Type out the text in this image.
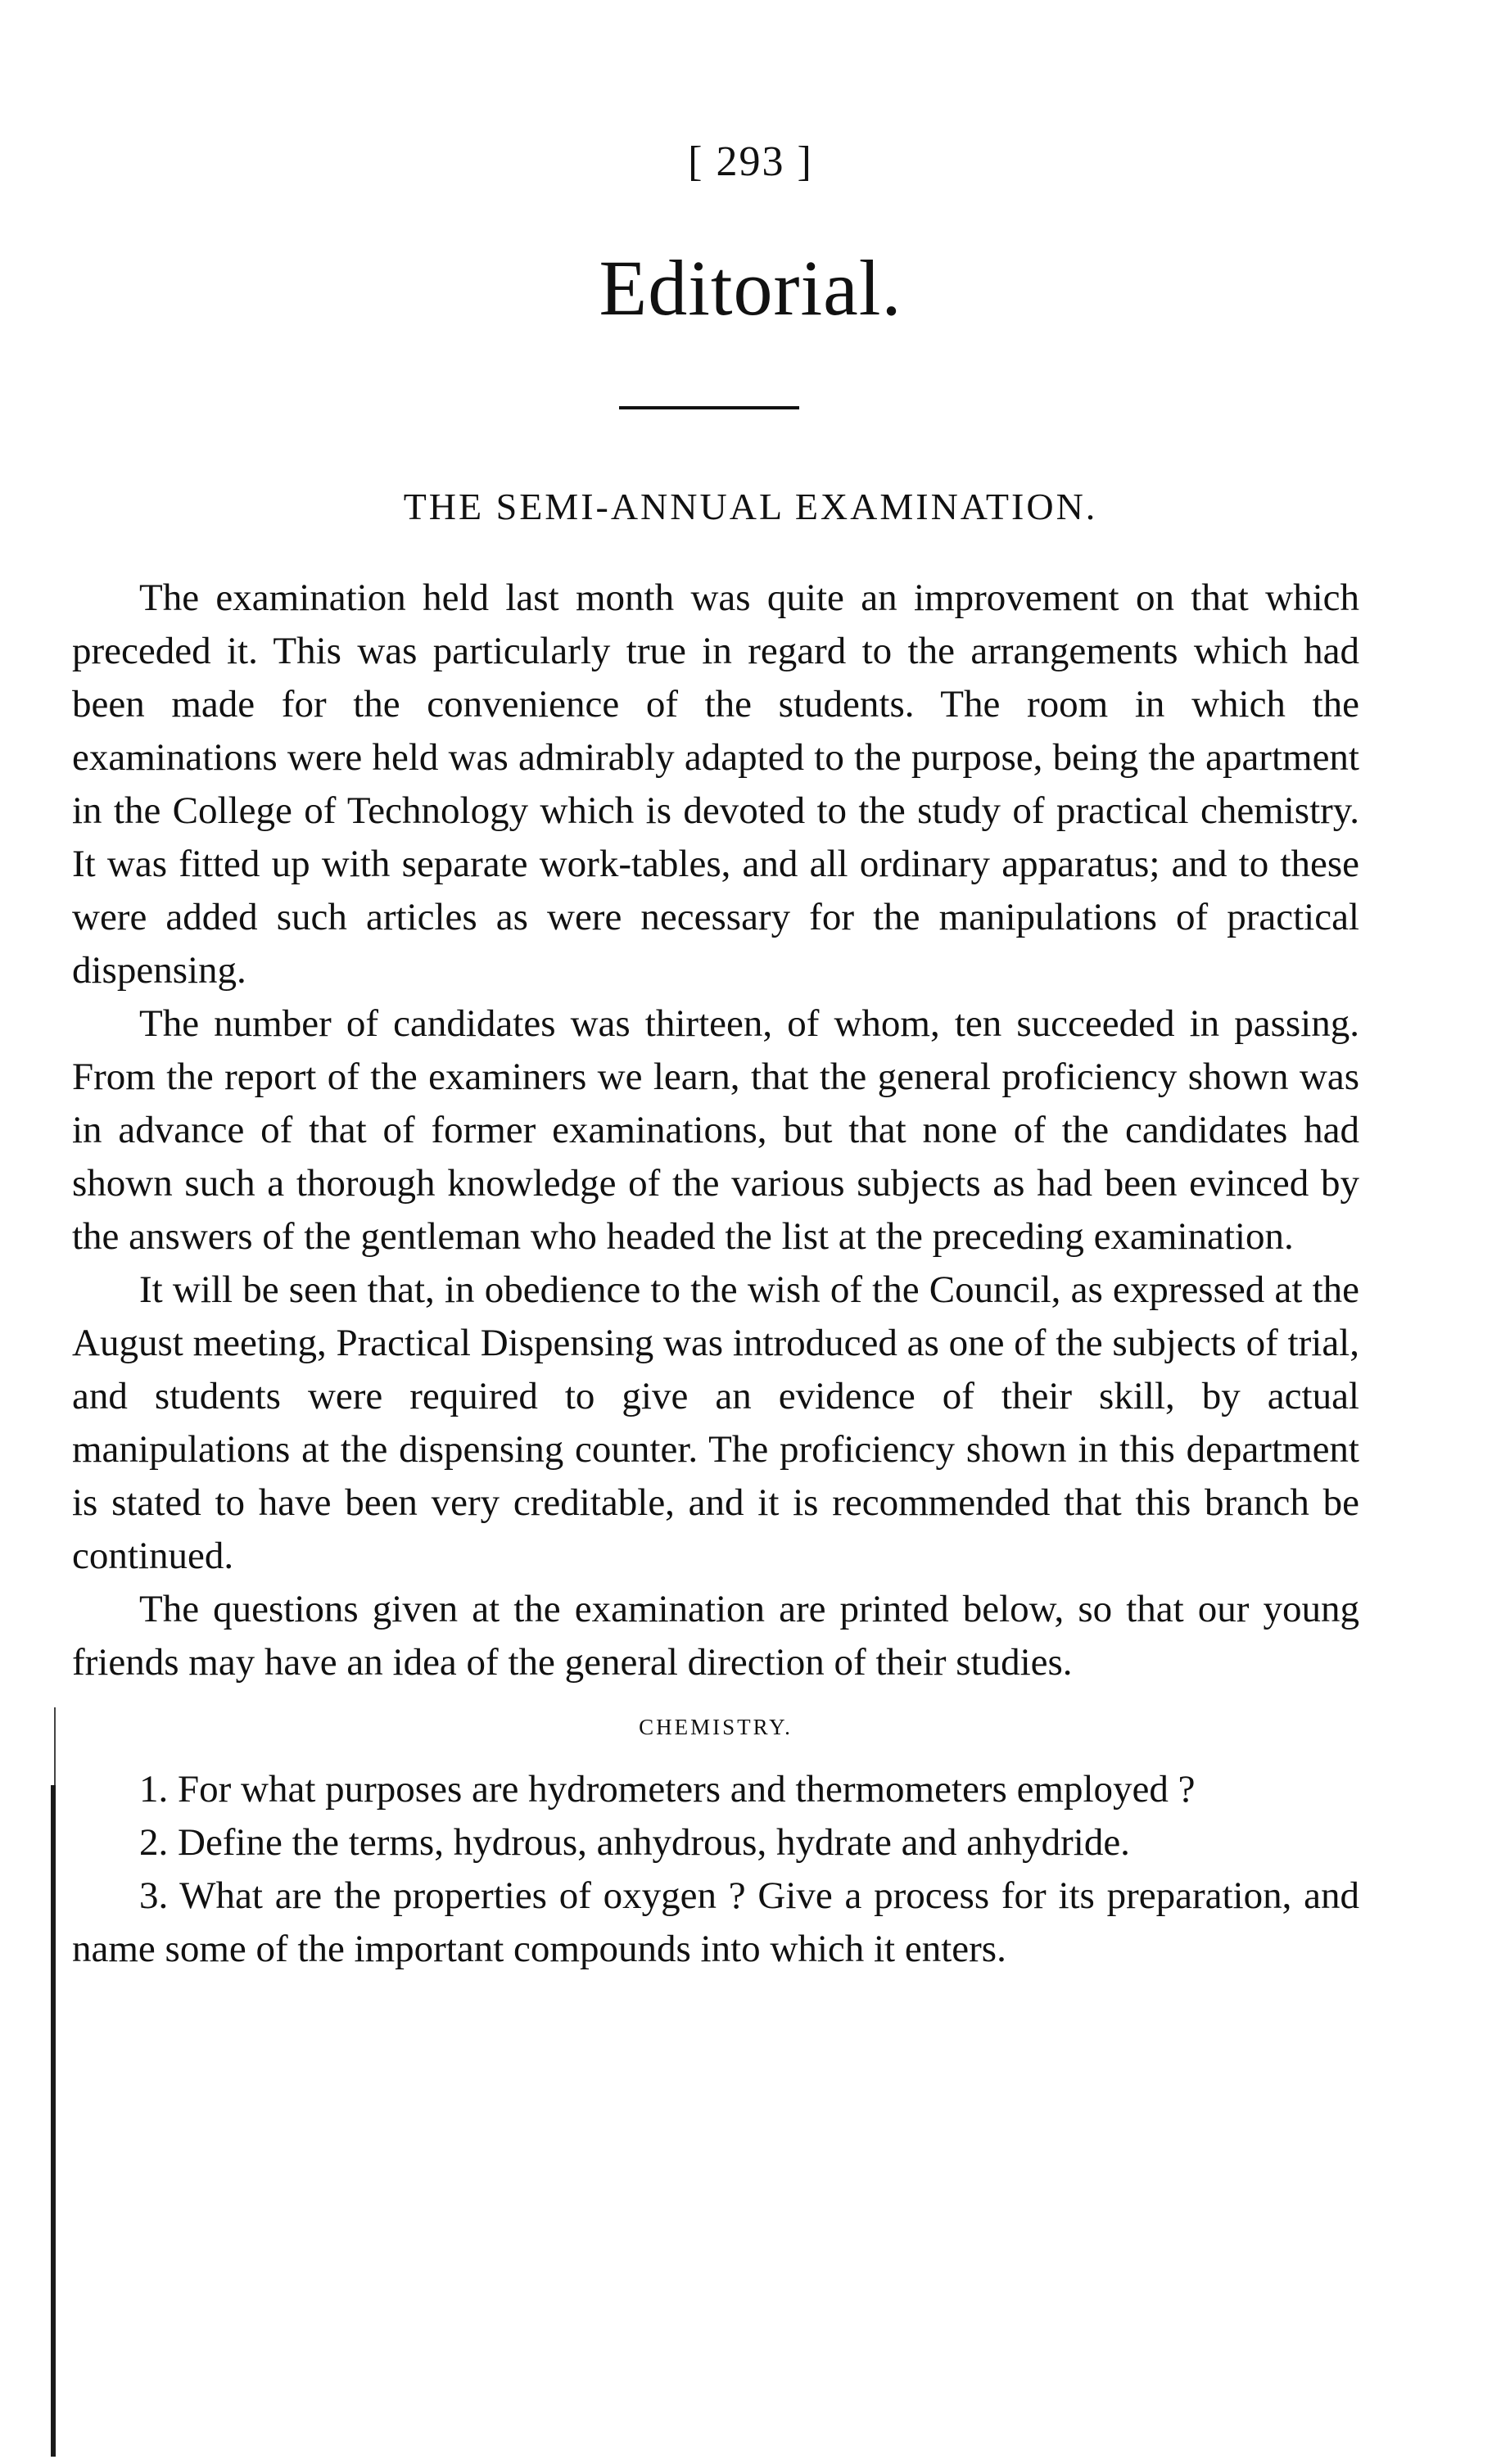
[ 293 ]
Editorial.
THE SEMI-ANNUAL EXAMINATION.

The examination held last month was quite an improvement on that which preceded it. This was particularly true in regard to the arrangements which had been made for the convenience of the students. The room in which the examinations were held was admirably adapted to the purpose, being the apartment in the College of Technology which is devoted to the study of practical chemistry. It was fitted up with separate work-tables, and all ordinary apparatus; and to these were added such articles as were necessary for the manipulations of practical dispensing.

The number of candidates was thirteen, of whom, ten succeeded in passing. From the report of the examiners we learn, that the general proficiency shown was in advance of that of former examinations, but that none of the candidates had shown such a thorough knowledge of the various subjects as had been evinced by the answers of the gentleman who headed the list at the preceding examination.

It will be seen that, in obedience to the wish of the Council, as expressed at the August meeting, Practical Dispensing was introduced as one of the subjects of trial, and students were required to give an evidence of their skill, by actual manipulations at the dispensing counter. The proficiency shown in this department is stated to have been very creditable, and it is recommended that this branch be continued.

The questions given at the examination are printed below, so that our young friends may have an idea of the general direction of their studies.

CHEMISTRY.

1. For what purposes are hydrometers and thermometers employed ?

2. Define the terms, hydrous, anhydrous, hydrate and anhydride.

3. What are the properties of oxygen ? Give a process for its preparation, and name some of the important compounds into which it enters.
